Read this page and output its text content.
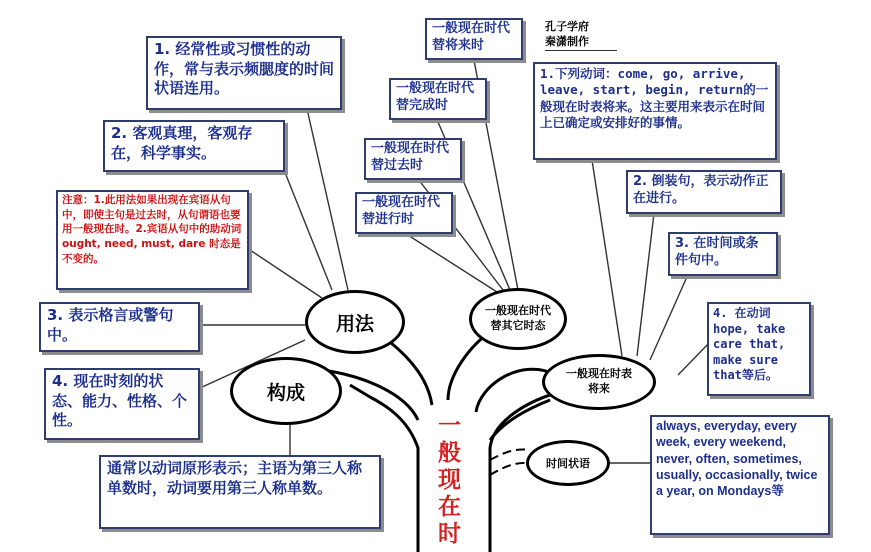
孔子学府
秦潇制作
1. 经常性或习惯性的动作，常与表示频腮度的时间状语连用。
2. 客观真理，客观存在，科学事实。
注意：1.此用法如果出现在宾语从句中，即使主句是过去时，从句谓语也要用一般现在时。2.宾语从句中的助动词ought, need, must, dare 时态是不变的。
3. 表示格言或警句中。
4. 现在时刻的状态、能力、性格、个性。
通常以动词原形表示；主语为第三人称单数时，动词要用第三人称单数。
一般现在时代替将来时
一般现在时代替完成时
一般现在时代替过去时
一般现在时代替进行时
1.下列动词：come, go, arrive, leave, start, begin, return的一般现在时表将来。这主要用来表示在时间上已确定或安排好的事情。
2. 倒装句，表示动作正在进行。
3. 在时间或条件句中。
4. 在动词hope, take care that, make sure that等后。
always, everyday, every week, every weekend, never, often, sometimes, usually, occasionally, twice a year, on Mondays等
用法
构成
一般现在时代替其它时态
一般现在时表将来
时间状语
一般现在时
